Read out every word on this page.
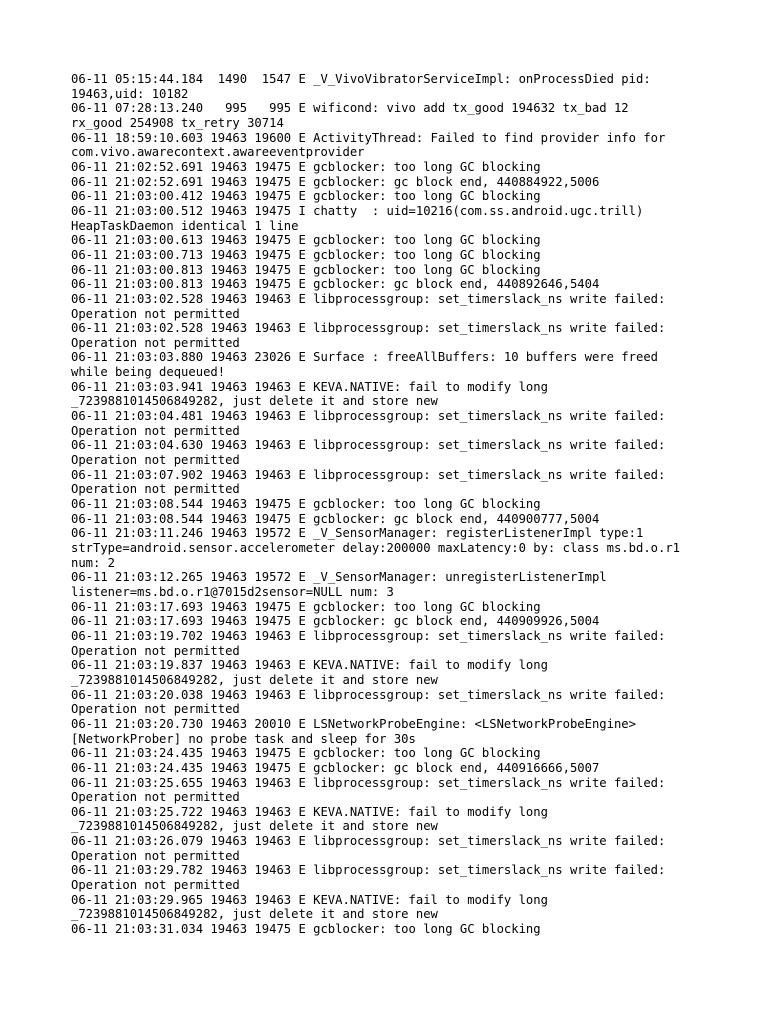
06-11 05:15:44.184  1490  1547 E _V_VivoVibratorServiceImpl: onProcessDied pid:
19463,uid: 10182
06-11 07:28:13.240   995   995 E wificond: vivo add tx_good 194632 tx_bad 12
rx_good 254908 tx_retry 30714
06-11 18:59:10.603 19463 19600 E ActivityThread: Failed to find provider info for
com.vivo.awarecontext.awareeventprovider
06-11 21:02:52.691 19463 19475 E gcblocker: too long GC blocking
06-11 21:02:52.691 19463 19475 E gcblocker: gc block end, 440884922,5006
06-11 21:03:00.412 19463 19475 E gcblocker: too long GC blocking
06-11 21:03:00.512 19463 19475 I chatty  : uid=10216(com.ss.android.ugc.trill)
HeapTaskDaemon identical 1 line
06-11 21:03:00.613 19463 19475 E gcblocker: too long GC blocking
06-11 21:03:00.713 19463 19475 E gcblocker: too long GC blocking
06-11 21:03:00.813 19463 19475 E gcblocker: too long GC blocking
06-11 21:03:00.813 19463 19475 E gcblocker: gc block end, 440892646,5404
06-11 21:03:02.528 19463 19463 E libprocessgroup: set_timerslack_ns write failed:
Operation not permitted
06-11 21:03:02.528 19463 19463 E libprocessgroup: set_timerslack_ns write failed:
Operation not permitted
06-11 21:03:03.880 19463 23026 E Surface : freeAllBuffers: 10 buffers were freed
while being dequeued!
06-11 21:03:03.941 19463 19463 E KEVA.NATIVE: fail to modify long
_7239881014506849282, just delete it and store new
06-11 21:03:04.481 19463 19463 E libprocessgroup: set_timerslack_ns write failed:
Operation not permitted
06-11 21:03:04.630 19463 19463 E libprocessgroup: set_timerslack_ns write failed:
Operation not permitted
06-11 21:03:07.902 19463 19463 E libprocessgroup: set_timerslack_ns write failed:
Operation not permitted
06-11 21:03:08.544 19463 19475 E gcblocker: too long GC blocking
06-11 21:03:08.544 19463 19475 E gcblocker: gc block end, 440900777,5004
06-11 21:03:11.246 19463 19572 E _V_SensorManager: registerListenerImpl type:1
strType=android.sensor.accelerometer delay:200000 maxLatency:0 by: class ms.bd.o.r1
num: 2
06-11 21:03:12.265 19463 19572 E _V_SensorManager: unregisterListenerImpl
listener=ms.bd.o.r1@7015d2sensor=NULL num: 3
06-11 21:03:17.693 19463 19475 E gcblocker: too long GC blocking
06-11 21:03:17.693 19463 19475 E gcblocker: gc block end, 440909926,5004
06-11 21:03:19.702 19463 19463 E libprocessgroup: set_timerslack_ns write failed:
Operation not permitted
06-11 21:03:19.837 19463 19463 E KEVA.NATIVE: fail to modify long
_7239881014506849282, just delete it and store new
06-11 21:03:20.038 19463 19463 E libprocessgroup: set_timerslack_ns write failed:
Operation not permitted
06-11 21:03:20.730 19463 20010 E LSNetworkProbeEngine: <LSNetworkProbeEngine>
[NetworkProber] no probe task and sleep for 30s
06-11 21:03:24.435 19463 19475 E gcblocker: too long GC blocking
06-11 21:03:24.435 19463 19475 E gcblocker: gc block end, 440916666,5007
06-11 21:03:25.655 19463 19463 E libprocessgroup: set_timerslack_ns write failed:
Operation not permitted
06-11 21:03:25.722 19463 19463 E KEVA.NATIVE: fail to modify long
_7239881014506849282, just delete it and store new
06-11 21:03:26.079 19463 19463 E libprocessgroup: set_timerslack_ns write failed:
Operation not permitted
06-11 21:03:29.782 19463 19463 E libprocessgroup: set_timerslack_ns write failed:
Operation not permitted
06-11 21:03:29.965 19463 19463 E KEVA.NATIVE: fail to modify long
_7239881014506849282, just delete it and store new
06-11 21:03:31.034 19463 19475 E gcblocker: too long GC blocking
